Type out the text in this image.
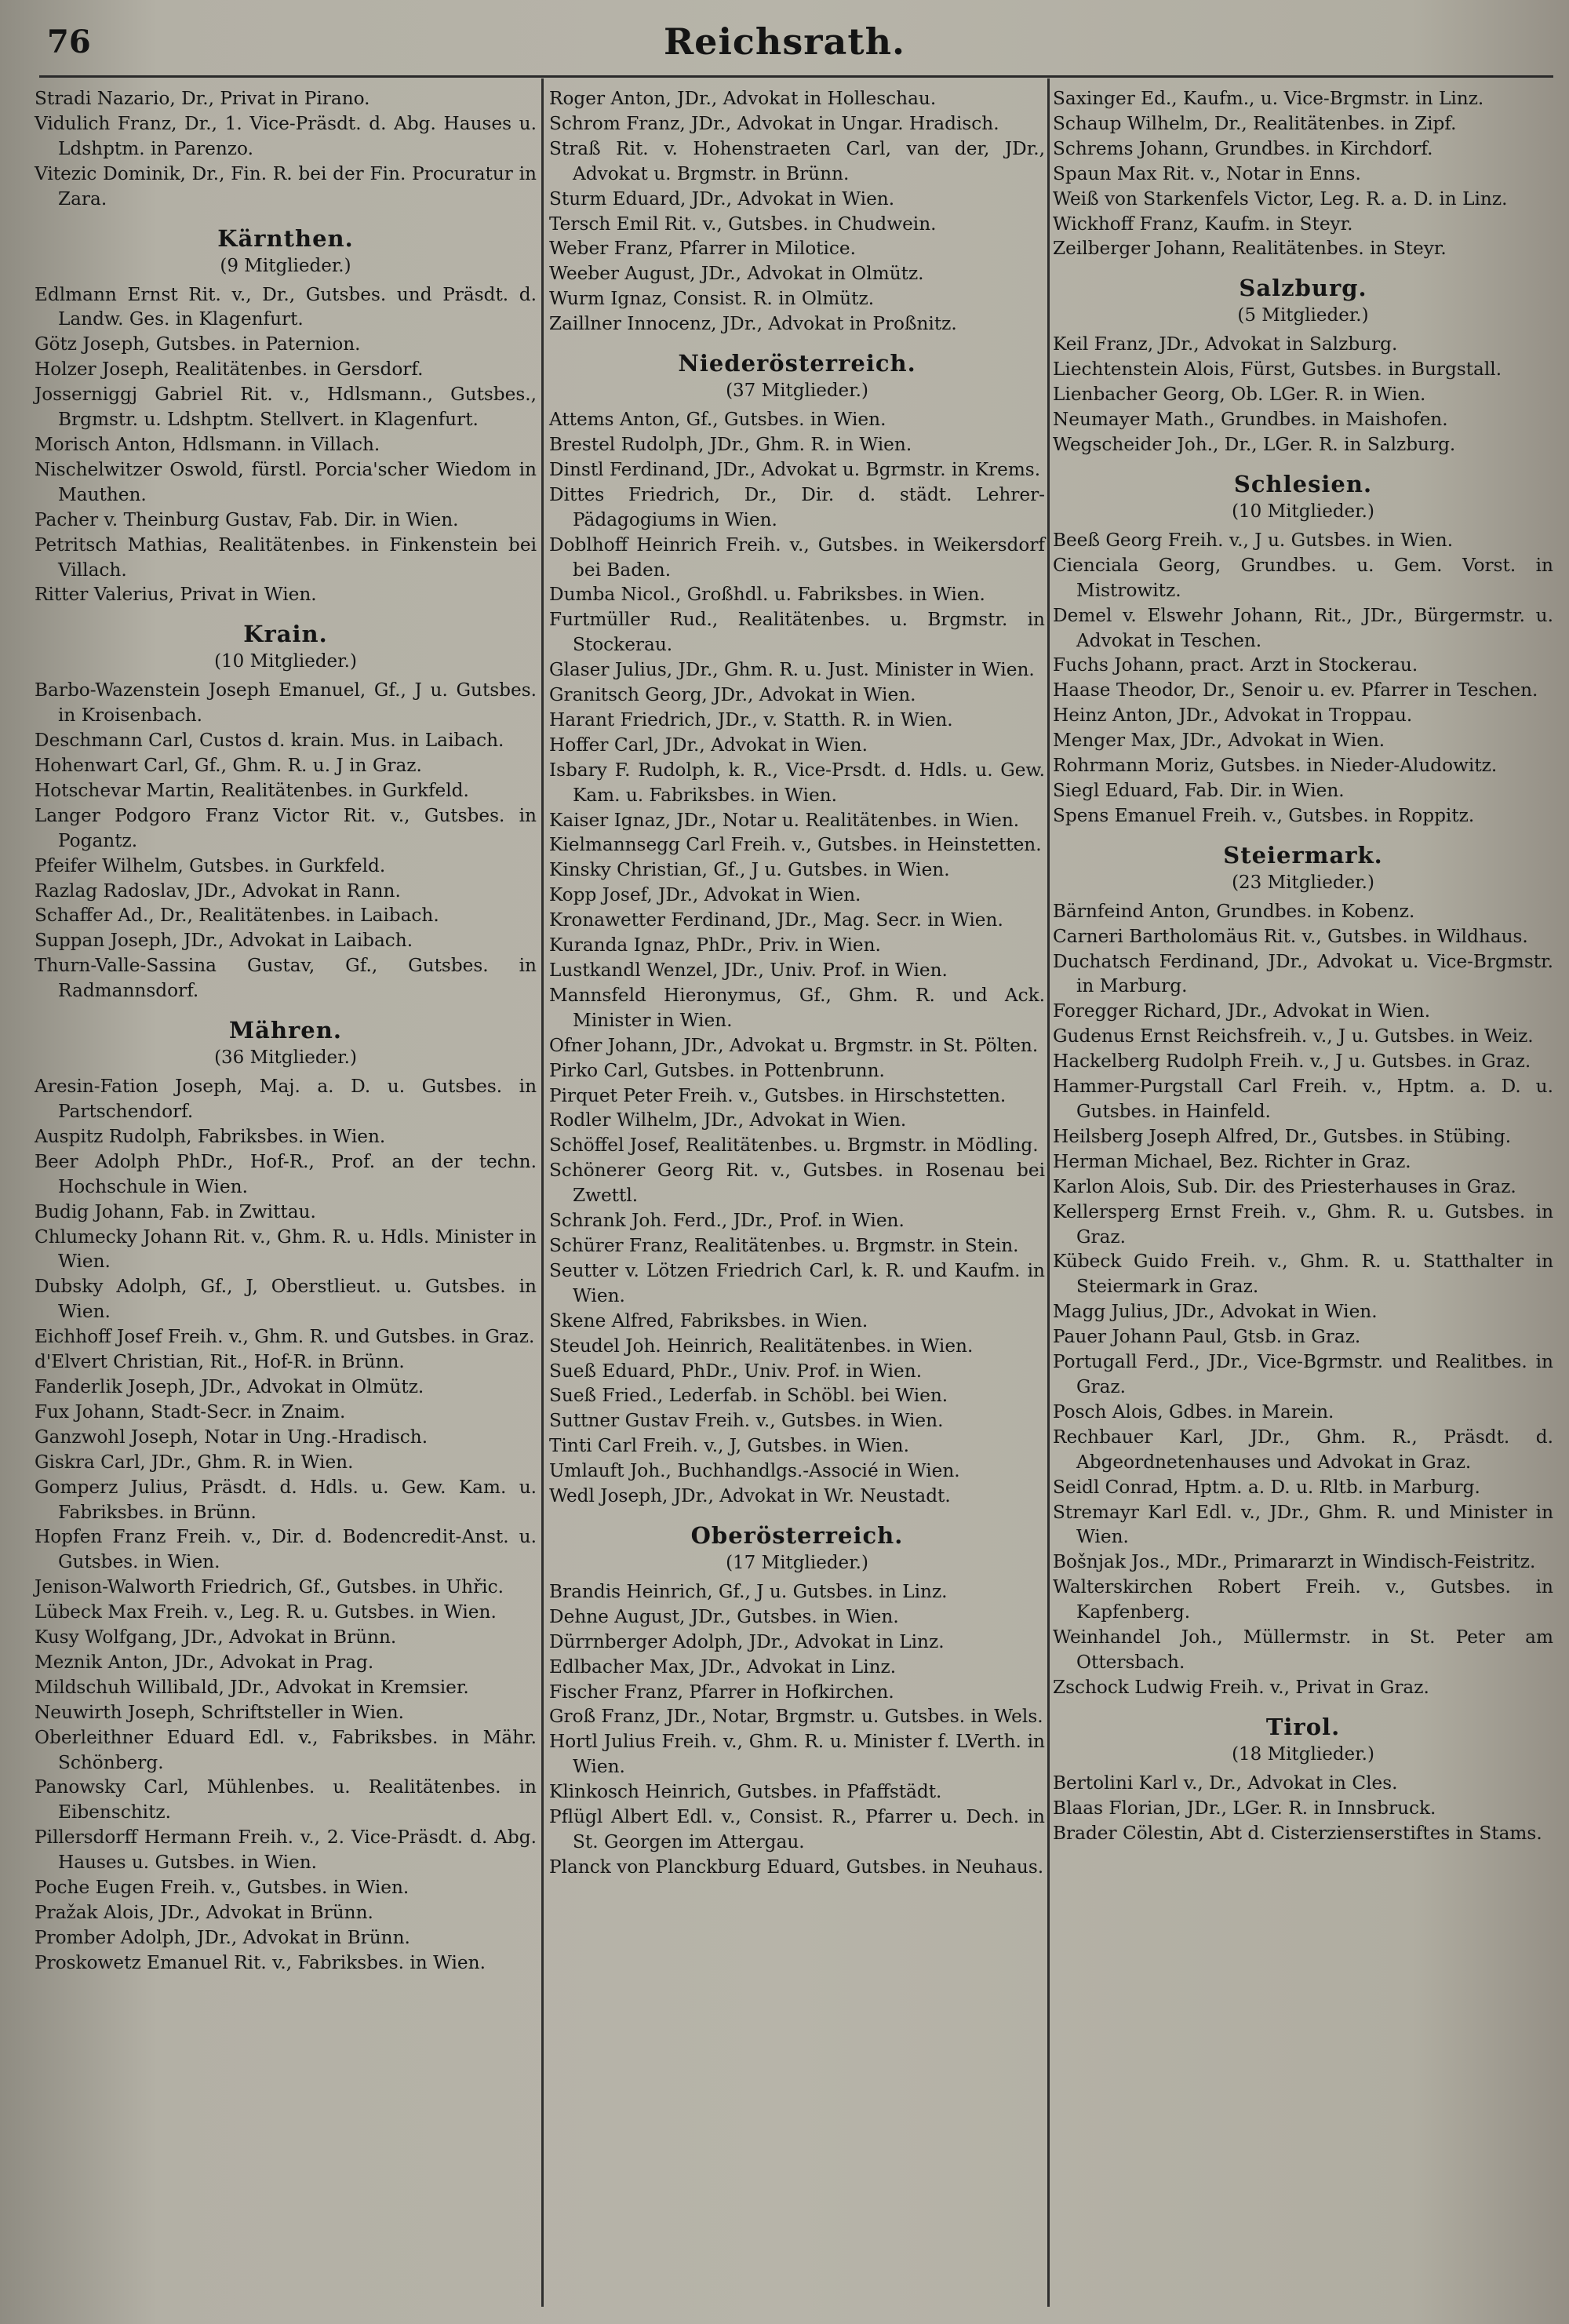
76	Reichsrath.

Stradi Nazario, Dr., Privat in Pirano.

Vidulich Franz, Dr., 1. Vice-Präsdt. d. Abg. Hauses u. Ldshptm. in Parenzo.

Vitezic Dominik, Dr., Fin. R. bei der Fin. Procuratur in Zara.

Kärnthen.
(9 Mitglieder.)

Edlmann Ernst Rit. v., Dr., Gutsbes. und Präsdt. d. Landw. Ges. in Klagenfurt.

Götz Joseph, Gutsbes. in Paternion.

Holzer Joseph, Realitätenbes. in Gersdorf.

Josserniggj Gabriel Rit. v., Hdlsmann., Gutsbes., Brgmstr. u. Ldshptm. Stellvert. in Klagenfurt.

Morisch Anton, Hdlsmann. in Villach.

Nischelwitzer Oswold, fürstl. Porcia'scher Wiedom in Mauthen.

Pacher v. Theinburg Gustav, Fab. Dir. in Wien.

Petritsch Mathias, Realitätenbes. in Finkenstein bei Villach.

Ritter Valerius, Privat in Wien.

Krain.
(10 Mitglieder.)

Barbo-Wazenstein Joseph Emanuel, Gf., J u. Gutsbes. in Kroisenbach.

Deschmann Carl, Custos d. krain. Mus. in Laibach.

Hohenwart Carl, Gf., Ghm. R. u. J in Graz.

Hotschevar Martin, Realitätenbes. in Gurkfeld.

Langer Podgoro Franz Victor Rit. v., Gutsbes. in Pogantz.

Pfeifer Wilhelm, Gutsbes. in Gurkfeld.

Razlag Radoslav, JDr., Advokat in Rann.

Schaffer Ad., Dr., Realitätenbes. in Laibach.

Suppan Joseph, JDr., Advokat in Laibach.

Thurn-Valle-Sassina Gustav, Gf., Gutsbes. in Radmannsdorf.

Mähren.
(36 Mitglieder.)

Aresin-Fation Joseph, Maj. a. D. u. Gutsbes. in Partschendorf.

Auspitz Rudolph, Fabriksbes. in Wien.

Beer Adolph PhDr., Hof-R., Prof. an der techn. Hochschule in Wien.

Budig Johann, Fab. in Zwittau.

Chlumecky Johann Rit. v., Ghm. R. u. Hdls. Minister in Wien.

Dubsky Adolph, Gf., J, Oberstlieut. u. Gutsbes. in Wien.

Eichhoff Josef Freih. v., Ghm. R. und Gutsbes. in Graz.

d'Elvert Christian, Rit., Hof-R. in Brünn.

Fanderlik Joseph, JDr., Advokat in Olmütz.

Fux Johann, Stadt-Secr. in Znaim.

Ganzwohl Joseph, Notar in Ung.-Hradisch.

Giskra Carl, JDr., Ghm. R. in Wien.

Gomperz Julius, Präsdt. d. Hdls. u. Gew. Kam. u. Fabriksbes. in Brünn.

Hopfen Franz Freih. v., Dir. d. Bodencredit-Anst. u. Gutsbes. in Wien.

Jenison-Walworth Friedrich, Gf., Gutsbes. in Uhřic.

Lübeck Max Freih. v., Leg. R. u. Gutsbes. in Wien.

Kusy Wolfgang, JDr., Advokat in Brünn.

Meznik Anton, JDr., Advokat in Prag.

Mildschuh Willibald, JDr., Advokat in Kremsier.

Neuwirth Joseph, Schriftsteller in Wien.

Oberleithner Eduard Edl. v., Fabriksbes. in Mähr. Schönberg.

Panowsky Carl, Mühlenbes. u. Realitätenbes. in Eibenschitz.

Pillersdorff Hermann Freih. v., 2. Vice-Präsdt. d. Abg. Hauses u. Gutsbes. in Wien.

Poche Eugen Freih. v., Gutsbes. in Wien.

Pražak Alois, JDr., Advokat in Brünn.

Promber Adolph, JDr., Advokat in Brünn.

Proskowetz Emanuel Rit. v., Fabriksbes. in Wien.

Roger Anton, JDr., Advokat in Holleschau.

Schrom Franz, JDr., Advokat in Ungar. Hradisch.

Straß Rit. v. Hohenstraeten Carl, van der, JDr., Advokat u. Brgmstr. in Brünn.

Sturm Eduard, JDr., Advokat in Wien.

Tersch Emil Rit. v., Gutsbes. in Chudwein.

Weber Franz, Pfarrer in Milotice.

Weeber August, JDr., Advokat in Olmütz.

Wurm Ignaz, Consist. R. in Olmütz.

Zaillner Innocenz, JDr., Advokat in Proßnitz.

Niederösterreich.
(37 Mitglieder.)

Attems Anton, Gf., Gutsbes. in Wien.

Brestel Rudolph, JDr., Ghm. R. in Wien.

Dinstl Ferdinand, JDr., Advokat u. Bgrmstr. in Krems.

Dittes Friedrich, Dr., Dir. d. städt. Lehrer-Pädagogiums in Wien.

Doblhoff Heinrich Freih. v., Gutsbes. in Weikersdorf bei Baden.

Dumba Nicol., Großhdl. u. Fabriksbes. in Wien.

Furtmüller Rud., Realitätenbes. u. Brgmstr. in Stockerau.

Glaser Julius, JDr., Ghm. R. u. Just. Minister in Wien.

Granitsch Georg, JDr., Advokat in Wien.

Harant Friedrich, JDr., v. Statth. R. in Wien.

Hoffer Carl, JDr., Advokat in Wien.

Isbary F. Rudolph, k. R., Vice-Prsdt. d. Hdls. u. Gew. Kam. u. Fabriksbes. in Wien.

Kaiser Ignaz, JDr., Notar u. Realitätenbes. in Wien.

Kielmannsegg Carl Freih. v., Gutsbes. in Heinstetten.

Kinsky Christian, Gf., J u. Gutsbes. in Wien.

Kopp Josef, JDr., Advokat in Wien.

Kronawetter Ferdinand, JDr., Mag. Secr. in Wien.

Kuranda Ignaz, PhDr., Priv. in Wien.

Lustkandl Wenzel, JDr., Univ. Prof. in Wien.

Mannsfeld Hieronymus, Gf., Ghm. R. und Ack. Minister in Wien.

Ofner Johann, JDr., Advokat u. Brgmstr. in St. Pölten.

Pirko Carl, Gutsbes. in Pottenbrunn.

Pirquet Peter Freih. v., Gutsbes. in Hirschstetten.

Rodler Wilhelm, JDr., Advokat in Wien.

Schöffel Josef, Realitätenbes. u. Brgmstr. in Mödling.

Schönerer Georg Rit. v., Gutsbes. in Rosenau bei Zwettl.

Schrank Joh. Ferd., JDr., Prof. in Wien.

Schürer Franz, Realitätenbes. u. Brgmstr. in Stein.

Seutter v. Lötzen Friedrich Carl, k. R. und Kaufm. in Wien.

Skene Alfred, Fabriksbes. in Wien.

Steudel Joh. Heinrich, Realitätenbes. in Wien.

Sueß Eduard, PhDr., Univ. Prof. in Wien.

Sueß Fried., Lederfab. in Schöbl. bei Wien.

Suttner Gustav Freih. v., Gutsbes. in Wien.

Tinti Carl Freih. v., J, Gutsbes. in Wien.

Umlauft Joh., Buchhandlgs.-Associé in Wien.

Wedl Joseph, JDr., Advokat in Wr. Neustadt.

Oberösterreich.
(17 Mitglieder.)

Brandis Heinrich, Gf., J u. Gutsbes. in Linz.

Dehne August, JDr., Gutsbes. in Wien.

Dürrnberger Adolph, JDr., Advokat in Linz.

Edlbacher Max, JDr., Advokat in Linz.

Fischer Franz, Pfarrer in Hofkirchen.

Groß Franz, JDr., Notar, Brgmstr. u. Gutsbes. in Wels.

Hortl Julius Freih. v., Ghm. R. u. Minister f. LVerth. in Wien.

Klinkosch Heinrich, Gutsbes. in Pfaffstädt.

Pflügl Albert Edl. v., Consist. R., Pfarrer u. Dech. in St. Georgen im Attergau.

Planck von Planckburg Eduard, Gutsbes. in Neuhaus.

Saxinger Ed., Kaufm., u. Vice-Brgmstr. in Linz.

Schaup Wilhelm, Dr., Realitätenbes. in Zipf.

Schrems Johann, Grundbes. in Kirchdorf.

Spaun Max Rit. v., Notar in Enns.

Weiß von Starkenfels Victor, Leg. R. a. D. in Linz.

Wickhoff Franz, Kaufm. in Steyr.

Zeilberger Johann, Realitätenbes. in Steyr.

Salzburg.
(5 Mitglieder.)

Keil Franz, JDr., Advokat in Salzburg.

Liechtenstein Alois, Fürst, Gutsbes. in Burgstall.

Lienbacher Georg, Ob. LGer. R. in Wien.

Neumayer Math., Grundbes. in Maishofen.

Wegscheider Joh., Dr., LGer. R. in Salzburg.

Schlesien.
(10 Mitglieder.)

Beeß Georg Freih. v., J u. Gutsbes. in Wien.

Cienciala Georg, Grundbes. u. Gem. Vorst. in Mistrowitz.

Demel v. Elswehr Johann, Rit., JDr., Bürgermstr. u. Advokat in Teschen.

Fuchs Johann, pract. Arzt in Stockerau.

Haase Theodor, Dr., Senoir u. ev. Pfarrer in Teschen.

Heinz Anton, JDr., Advokat in Troppau.

Menger Max, JDr., Advokat in Wien.

Rohrmann Moriz, Gutsbes. in Nieder-Aludowitz.

Siegl Eduard, Fab. Dir. in Wien.

Spens Emanuel Freih. v., Gutsbes. in Roppitz.

Steiermark.
(23 Mitglieder.)

Bärnfeind Anton, Grundbes. in Kobenz.

Carneri Bartholomäus Rit. v., Gutsbes. in Wildhaus.

Duchatsch Ferdinand, JDr., Advokat u. Vice-Brgmstr. in Marburg.

Foregger Richard, JDr., Advokat in Wien.

Gudenus Ernst Reichsfreih. v., J u. Gutsbes. in Weiz.

Hackelberg Rudolph Freih. v., J u. Gutsbes. in Graz.

Hammer-Purgstall Carl Freih. v., Hptm. a. D. u. Gutsbes. in Hainfeld.

Heilsberg Joseph Alfred, Dr., Gutsbes. in Stübing.

Herman Michael, Bez. Richter in Graz.

Karlon Alois, Sub. Dir. des Priesterhauses in Graz.

Kellersperg Ernst Freih. v., Ghm. R. u. Gutsbes. in Graz.

Kübeck Guido Freih. v., Ghm. R. u. Statthalter in Steiermark in Graz.

Magg Julius, JDr., Advokat in Wien.

Pauer Johann Paul, Gtsb. in Graz.

Portugall Ferd., JDr., Vice-Bgrmstr. und Realitbes. in Graz.

Posch Alois, Gdbes. in Marein.

Rechbauer Karl, JDr., Ghm. R., Präsdt. d. Abgeordnetenhauses und Advokat in Graz.

Seidl Conrad, Hptm. a. D. u. Rltb. in Marburg.

Stremayr Karl Edl. v., JDr., Ghm. R. und Minister in Wien.

Bošnjak Jos., MDr., Primararzt in Windisch-Feistritz.

Walterskirchen Robert Freih. v., Gutsbes. in Kapfenberg.

Weinhandel Joh., Müllermstr. in St. Peter am Ottersbach.

Zschock Ludwig Freih. v., Privat in Graz.

Tirol.
(18 Mitglieder.)

Bertolini Karl v., Dr., Advokat in Cles.

Blaas Florian, JDr., LGer. R. in Innsbruck.

Brader Cölestin, Abt d. Cisterzienserstiftes in Stams.
